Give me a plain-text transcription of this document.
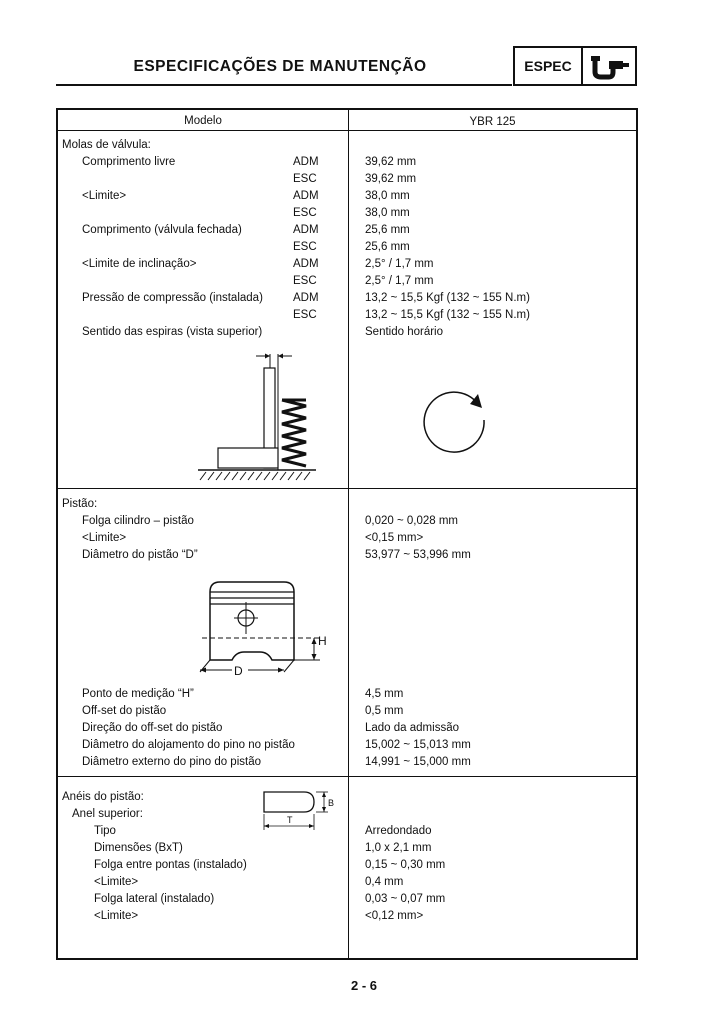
ESPECIFICAÇÕES DE MANUTENÇÃO	ESPEC
Modelo	YBR 125
Molas de válvula:
Comprimento livre	ADM	39,62 mm
ESC	39,62 mm
<Limite>	ADM	38,0 mm
ESC	38,0 mm
Comprimento (válvula fechada)	ADM	25,6 mm
ESC	25,6 mm
<Limite de inclinação>	ADM	2,5° / 1,7 mm
ESC	2,5° / 1,7 mm
Pressão de compressão (instalada)	ADM	13,2 ~ 15,5 Kgf (132 ~ 155 N.m)
ESC	13,2 ~ 15,5 Kgf (132 ~ 155 N.m)
Sentido das espiras (vista superior)	Sentido horário
Pistão:
Folga cilindro – pistão	0,020 ~ 0,028 mm
<Limite>	<0,15 mm>
Diâmetro do pistão “D”	53,977 ~ 53,996 mm
H
D
Ponto de medição “H”	4,5 mm
Off-set do pistão	0,5 mm
Direção do off-set do pistão	Lado da admissão
Diâmetro do alojamento do pino no pistão	15,002 ~ 15,013 mm
Diâmetro externo do pino do pistão	14,991 ~ 15,000 mm
Anéis do pistão:
Anel superior:
B
T
Tipo	Arredondado
Dimensões (BxT)	1,0 x 2,1 mm
Folga entre pontas (instalado)	0,15 ~ 0,30 mm
<Limite>	0,4 mm
Folga lateral (instalado)	0,03 ~ 0,07 mm
<Limite>	<0,12 mm>
2 - 6
